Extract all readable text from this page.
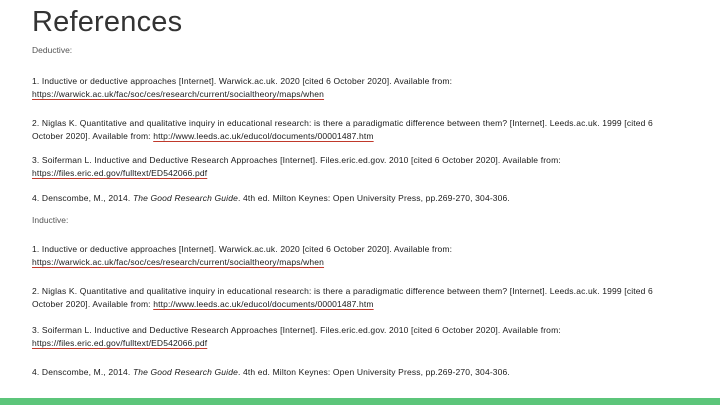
References
Deductive:
1. Inductive or deductive approaches [Internet]. Warwick.ac.uk. 2020 [cited 6 October 2020]. Available from:
https://warwick.ac.uk/fac/soc/ces/research/current/socialtheory/maps/when
2. Niglas K. Quantitative and qualitative inquiry in educational research: is there a paradigmatic difference between them? [Internet]. Leeds.ac.uk. 1999 [cited 6 October 2020]. Available from: http://www.leeds.ac.uk/educol/documents/00001487.htm
3. Soiferman L. Inductive and Deductive Research Approaches [Internet]. Files.eric.ed.gov. 2010 [cited 6 October 2020]. Available from:
https://files.eric.ed.gov/fulltext/ED542066.pdf
4. Denscombe, M., 2014. The Good Research Guide. 4th ed. Milton Keynes: Open University Press, pp.269-270, 304-306.
Inductive:
1. Inductive or deductive approaches [Internet]. Warwick.ac.uk. 2020 [cited 6 October 2020]. Available from:
https://warwick.ac.uk/fac/soc/ces/research/current/socialtheory/maps/when
2. Niglas K. Quantitative and qualitative inquiry in educational research: is there a paradigmatic difference between them? [Internet]. Leeds.ac.uk. 1999 [cited 6 October 2020]. Available from: http://www.leeds.ac.uk/educol/documents/00001487.htm
3. Soiferman L. Inductive and Deductive Research Approaches [Internet]. Files.eric.ed.gov. 2010 [cited 6 October 2020]. Available from:
https://files.eric.ed.gov/fulltext/ED542066.pdf
4. Denscombe, M., 2014. The Good Research Guide. 4th ed. Milton Keynes: Open University Press, pp.269-270, 304-306.
